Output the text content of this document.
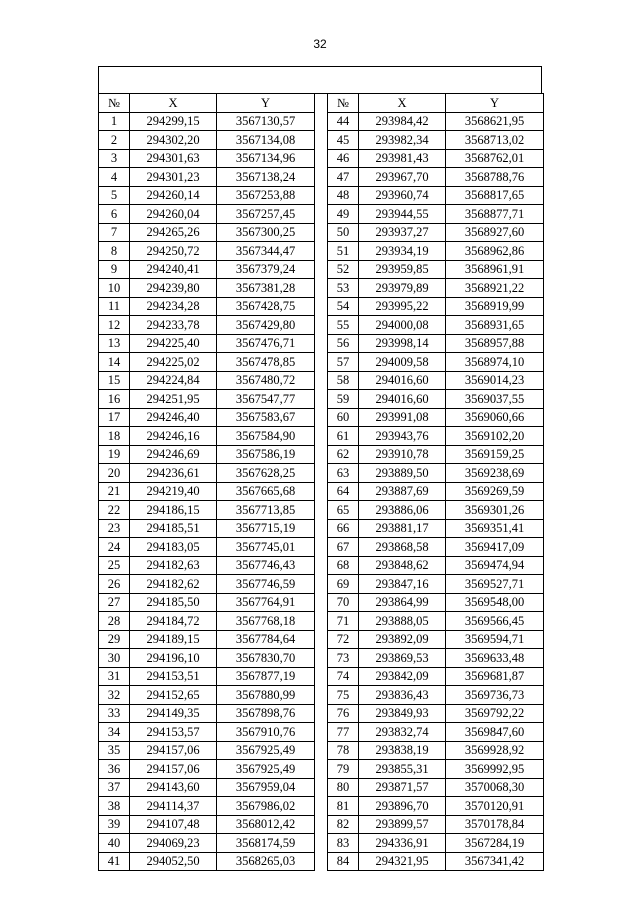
32
№	X	Y		№	X	Y
1	294299,15	3567130,57		44	293984,42	3568621,95
2	294302,20	3567134,08		45	293982,34	3568713,02
3	294301,63	3567134,96		46	293981,43	3568762,01
4	294301,23	3567138,24		47	293967,70	3568788,76
5	294260,14	3567253,88		48	293960,74	3568817,65
6	294260,04	3567257,45		49	293944,55	3568877,71
7	294265,26	3567300,25		50	293937,27	3568927,60
8	294250,72	3567344,47		51	293934,19	3568962,86
9	294240,41	3567379,24		52	293959,85	3568961,91
10	294239,80	3567381,28		53	293979,89	3568921,22
11	294234,28	3567428,75		54	293995,22	3568919,99
12	294233,78	3567429,80		55	294000,08	3568931,65
13	294225,40	3567476,71		56	293998,14	3568957,88
14	294225,02	3567478,85		57	294009,58	3568974,10
15	294224,84	3567480,72		58	294016,60	3569014,23
16	294251,95	3567547,77		59	294016,60	3569037,55
17	294246,40	3567583,67		60	293991,08	3569060,66
18	294246,16	3567584,90		61	293943,76	3569102,20
19	294246,69	3567586,19		62	293910,78	3569159,25
20	294236,61	3567628,25		63	293889,50	3569238,69
21	294219,40	3567665,68		64	293887,69	3569269,59
22	294186,15	3567713,85		65	293886,06	3569301,26
23	294185,51	3567715,19		66	293881,17	3569351,41
24	294183,05	3567745,01		67	293868,58	3569417,09
25	294182,63	3567746,43		68	293848,62	3569474,94
26	294182,62	3567746,59		69	293847,16	3569527,71
27	294185,50	3567764,91		70	293864,99	3569548,00
28	294184,72	3567768,18		71	293888,05	3569566,45
29	294189,15	3567784,64		72	293892,09	3569594,71
30	294196,10	3567830,70		73	293869,53	3569633,48
31	294153,51	3567877,19		74	293842,09	3569681,87
32	294152,65	3567880,99		75	293836,43	3569736,73
33	294149,35	3567898,76		76	293849,93	3569792,22
34	294153,57	3567910,76		77	293832,74	3569847,60
35	294157,06	3567925,49		78	293838,19	3569928,92
36	294157,06	3567925,49		79	293855,31	3569992,95
37	294143,60	3567959,04		80	293871,57	3570068,30
38	294114,37	3567986,02		81	293896,70	3570120,91
39	294107,48	3568012,42		82	293899,57	3570178,84
40	294069,23	3568174,59		83	294336,91	3567284,19
41	294052,50	3568265,03		84	294321,95	3567341,42
